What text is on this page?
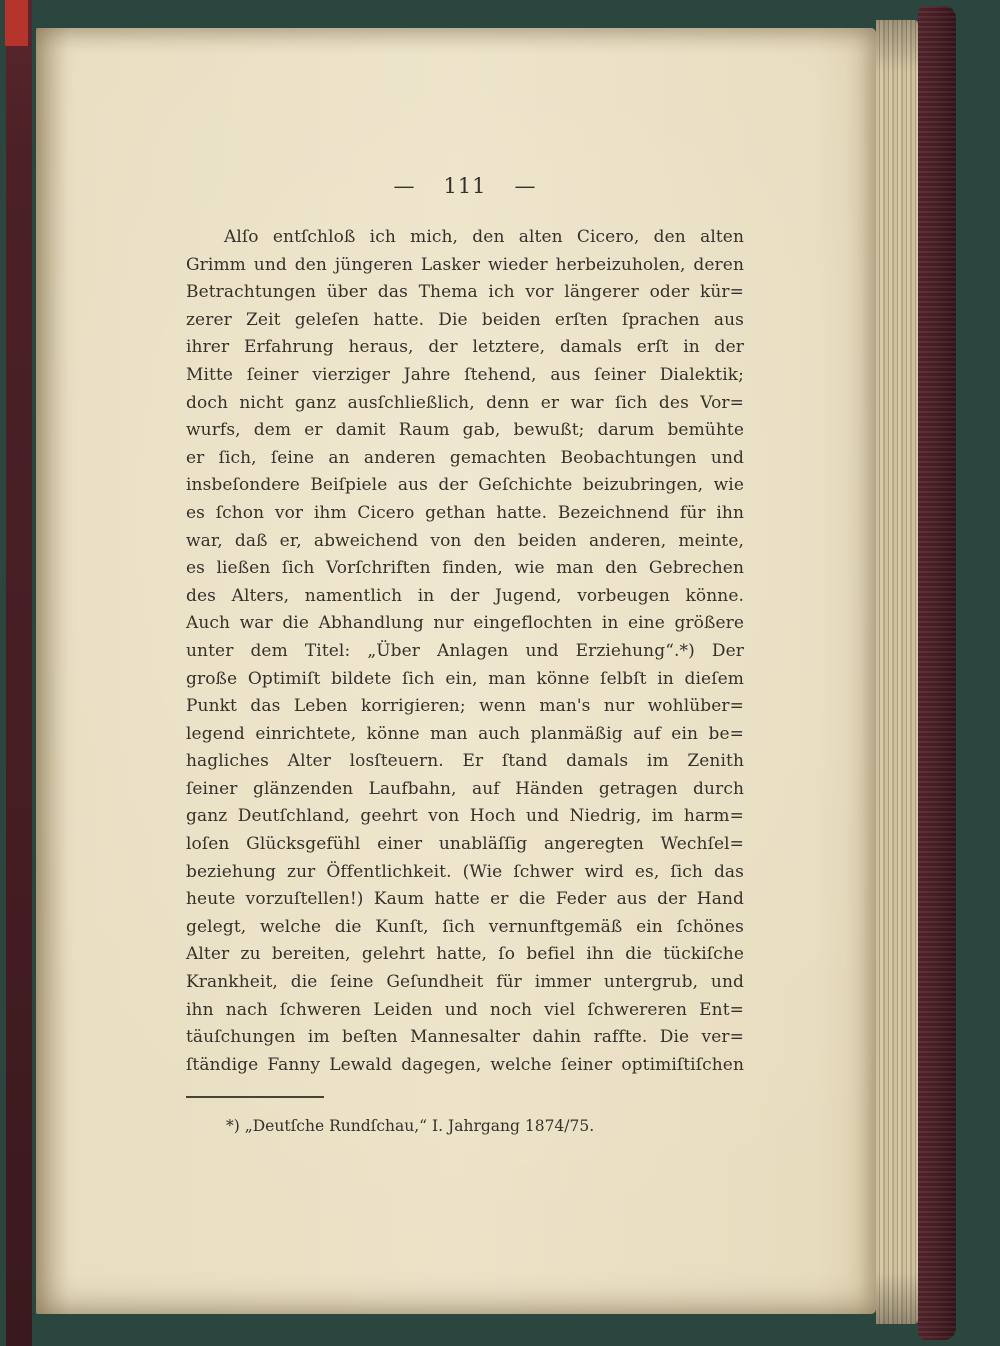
— 111 —
Alſo entſchloß ich mich, den alten Cicero, den alten
Grimm und den jüngeren Lasker wieder herbeizuholen, deren
Betrachtungen über das Thema ich vor längerer oder kür=
zerer Zeit geleſen hatte. Die beiden erſten ſprachen aus
ihrer Erfahrung heraus, der letztere, damals erſt in der
Mitte ſeiner vierziger Jahre ſtehend, aus ſeiner Dialektik;
doch nicht ganz ausſchließlich, denn er war ſich des Vor=
wurfs, dem er damit Raum gab, bewußt; darum bemühte
er ſich, ſeine an anderen gemachten Beobachtungen und
insbeſondere Beiſpiele aus der Geſchichte beizubringen, wie
es ſchon vor ihm Cicero gethan hatte. Bezeichnend für ihn
war, daß er, abweichend von den beiden anderen, meinte,
es ließen ſich Vorſchriften finden, wie man den Gebrechen
des Alters, namentlich in der Jugend, vorbeugen könne.
Auch war die Abhandlung nur eingeflochten in eine größere
unter dem Titel: „Über Anlagen und Erziehung“.*) Der
große Optimiſt bildete ſich ein, man könne ſelbſt in dieſem
Punkt das Leben korrigieren; wenn man's nur wohlüber=
legend einrichtete, könne man auch planmäßig auf ein be=
hagliches Alter losſteuern. Er ſtand damals im Zenith
ſeiner glänzenden Laufbahn, auf Händen getragen durch
ganz Deutſchland, geehrt von Hoch und Niedrig, im harm=
loſen Glücksgefühl einer unabläſſig angeregten Wechſel=
beziehung zur Öffentlichkeit. (Wie ſchwer wird es, ſich das
heute vorzuſtellen!) Kaum hatte er die Feder aus der Hand
gelegt, welche die Kunſt, ſich vernunftgemäß ein ſchönes
Alter zu bereiten, gelehrt hatte, ſo befiel ihn die tückiſche
Krankheit, die ſeine Geſundheit für immer untergrub, und
ihn nach ſchweren Leiden und noch viel ſchwereren Ent=
täuſchungen im beſten Mannesalter dahin raffte. Die ver=
ſtändige Fanny Lewald dagegen, welche ſeiner optimiſtiſchen
*) „Deutſche Rundſchau,“ I. Jahrgang 1874/75.
